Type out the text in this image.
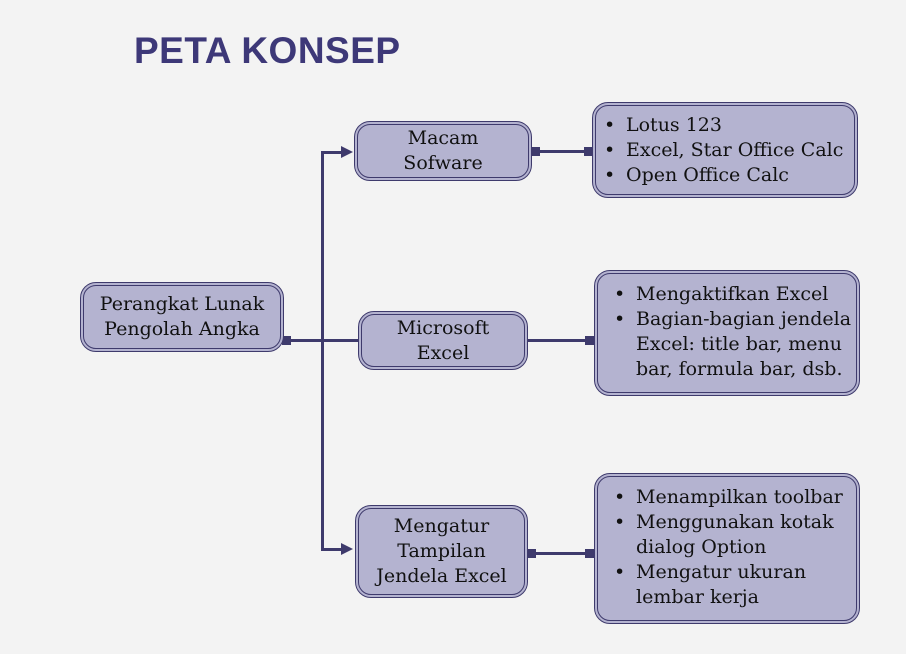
PETA KONSEP
Perangkat Lunak
Pengolah Angka
Macam
Sofware
Microsoft
Excel
Mengatur
Tampilan
Jendela Excel
• Lotus 123
• Excel, Star Office Calc
• Open Office Calc
• Mengaktifkan Excel
• Bagian-bagian jendela
Excel: title bar, menu
bar, formula bar, dsb.
• Menampilkan toolbar
• Menggunakan kotak
dialog Option
• Mengatur ukuran
lembar kerja
